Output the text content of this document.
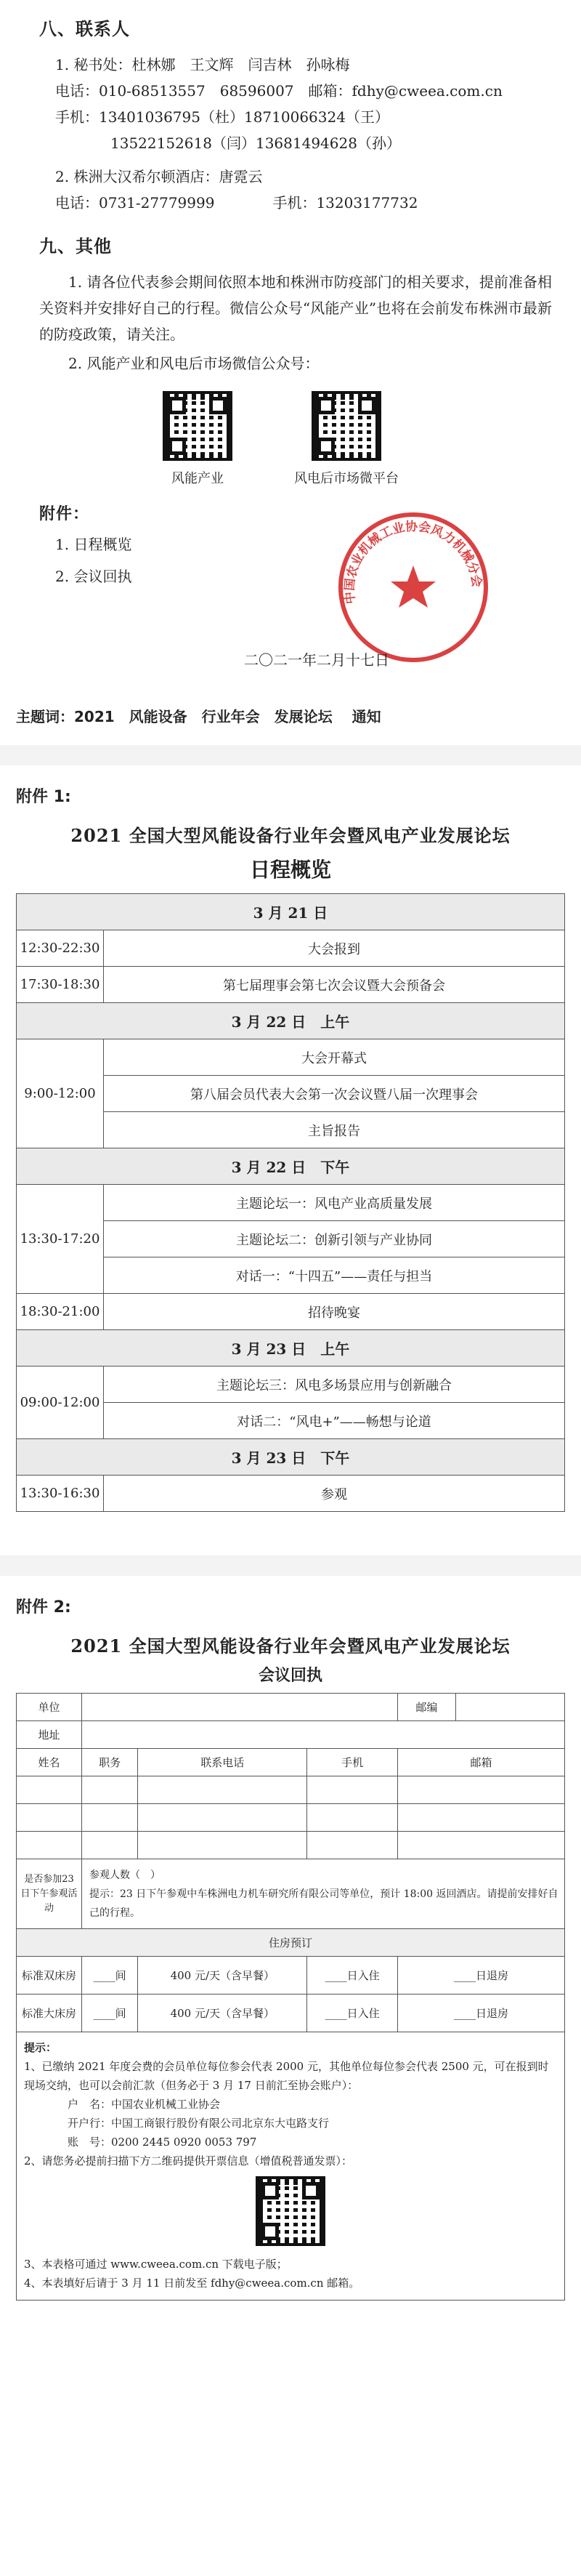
八、联系人
1. 秘书处：杜林娜　王文辉　闫吉林　孙咏梅
电话：010-68513557　68596007　邮箱：fdhy@cweea.com.cn
手机：13401036795（杜）18710066324（王）
13522152618（闫）13681494628（孙）
2. 株洲大汉希尔顿酒店：唐霓云
电话：0731-27779999　　　　手机：13203177732
九、其他
1. 请各位代表参会期间依照本地和株洲市防疫部门的相关要求，提前准备相关资料并安排好自己的行程。微信公众号“风能产业”也将在会前发布株洲市最新的防疫政策，请关注。
2. 风能产业和风电后市场微信公众号：
风能产业	风电后市场微平台
附件：
1. 日程概览
2. 会议回执
中国农业机械工业协会风力机械分会
二〇二一年二月十七日
主题词：2021　风能设备　行业年会　发展论坛　 通知
附件 1:
2021 全国大型风能设备行业年会暨风电产业发展论坛
日程概览
3 月 21 日	
12:30-22:30	大会报到
17:30-18:30	第七届理事会第七次会议暨大会预备会
3 月 22 日　上午	
9:00-12:00	大会开幕式
	第八届会员代表大会第一次会议暨八届一次理事会
	主旨报告
3 月 22 日　下午	
13:30-17:20	主题论坛一：风电产业高质量发展
	主题论坛二：创新引领与产业协同
	对话一：“十四五”——责任与担当
18:30-21:00	招待晚宴
3 月 23 日　上午	
09:00-12:00	主题论坛三：风电多场景应用与创新融合
	对话二：“风电+”——畅想与论道
3 月 23 日　下午	
13:30-16:30	参观
附件 2:
2021 全国大型风能设备行业年会暨风电产业发展论坛
会议回执
单位				邮编	
地址					
姓名	职务	联系电话	手机	邮箱	

是否参加23 日下午参观活动	参观人数（　）
提示：23 日下午参观中车株洲电力机车研究所有限公司等单位，预计 18:00 返回酒店。请提前安排好自己的行程。				

住房预订					
标准双床房	____间	400 元/天（含早餐）	____日入住	____日退房	
标准大床房	____间	400 元/天（含早餐）	____日入住	____日退房	
提示：
1、已缴纳 2021 年度会费的会员单位每位参会代表 2000 元，其他单位每位参会代表 2500 元，可在报到时现场交纳，也可以会前汇款（但务必于 3 月 17 日前汇至协会账户）：
户　名：中国农业机械工业协会
开户行：中国工商银行股份有限公司北京东大屯路支行
账　号：0200 2445 0920 0053 797
2、请您务必提前扫描下方二维码提供开票信息（增值税普通发票）：
3、本表格可通过 www.cweea.com.cn 下载电子版；
4、本表填好后请于 3 月 11 日前发至 fdhy@cweea.com.cn 邮箱。
